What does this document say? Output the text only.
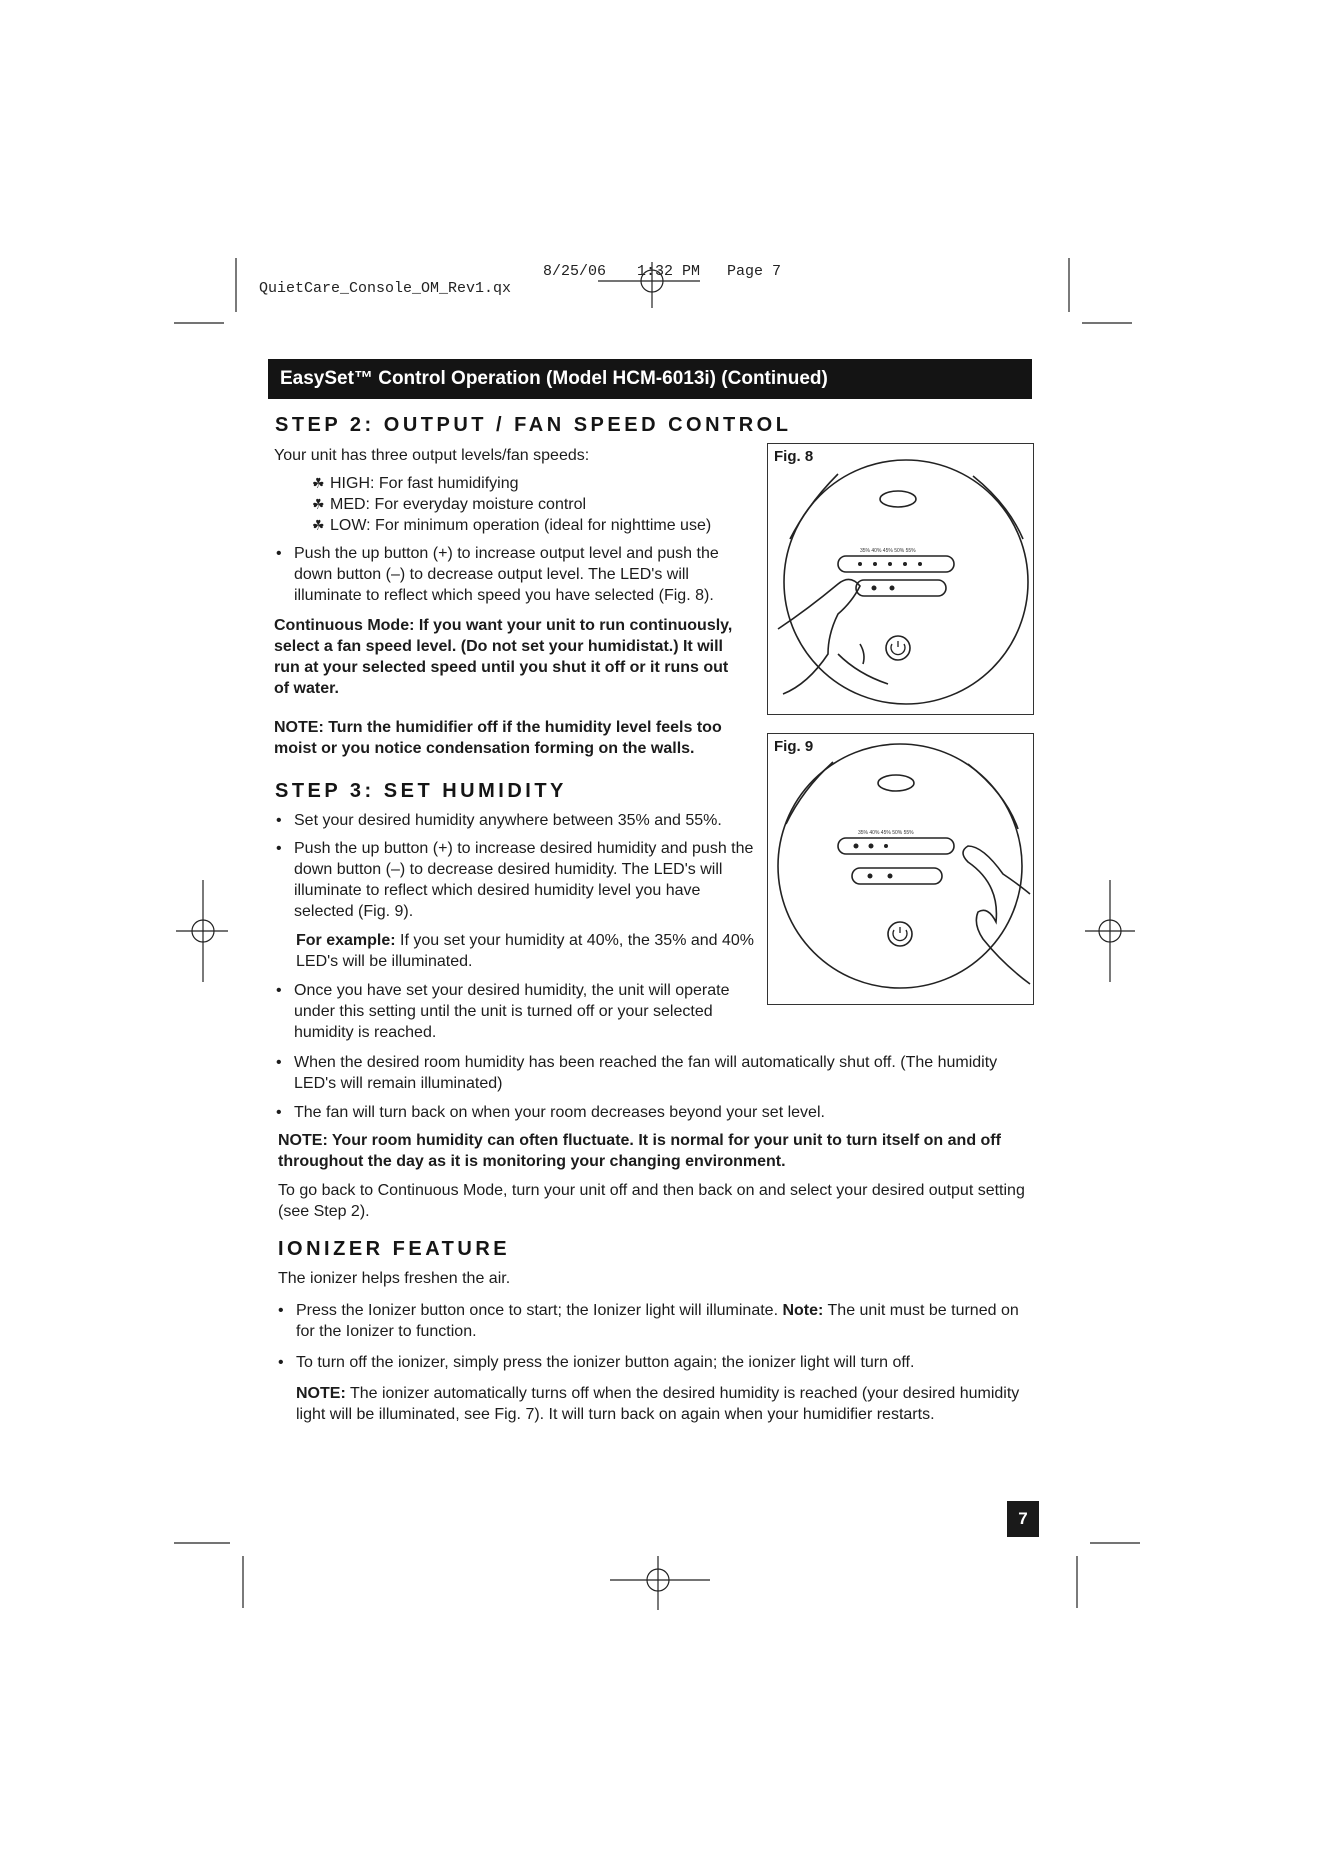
QuietCare_Console_OM_Rev1.qx

8/25/06 1:32 PM Page 7
EasySet™ Control Operation (Model HCM-6013i) (Continued)
STEP 2: OUTPUT / FAN SPEED CONTROL
Your unit has three output levels/fan speeds:
☘ HIGH: For fast humidifying
☘ MED: For everyday moisture control
☘ LOW: For minimum operation (ideal for nighttime use)
• Push the up button (+) to increase output level and push the
down button (–) to decrease output level. The LED's will
illuminate to reflect which speed you have selected (Fig. 8).
Continuous Mode: If you want your unit to run continuously,
select a fan speed level. (Do not set your humidistat.) It will
run at your selected speed until you shut it off or it runs out
of water.
NOTE: Turn the humidifier off if the humidity level feels too
moist or you notice condensation forming on the walls.
STEP 3: SET HUMIDITY
• Set your desired humidity anywhere between 35% and 55%.
• Push the up button (+) to increase desired humidity and push the
down button (–) to decrease desired humidity. The LED's will
illuminate to reflect which desired humidity level you have
selected (Fig. 9).
For example: If you set your humidity at 40%, the 35% and 40%
LED's will be illuminated.
• Once you have set your desired humidity, the unit will operate
under this setting until the unit is turned off or your selected
humidity is reached.
• When the desired room humidity has been reached the fan will automatically shut off. (The humidity
LED's will remain illuminated)
• The fan will turn back on when your room decreases beyond your set level.
NOTE: Your room humidity can often fluctuate. It is normal for your unit to turn itself on and off
throughout the day as it is monitoring your changing environment.
To go back to Continuous Mode, turn your unit off and then back on and select your desired output setting
(see Step 2).
IONIZER FEATURE
The ionizer helps freshen the air.
• Press the Ionizer button once to start; the Ionizer light will illuminate. Note: The unit must be turned on
for the Ionizer to function.
• To turn off the ionizer, simply press the ionizer button again; the ionizer light will turn off.
NOTE: The ionizer automatically turns off when the desired humidity is reached (your desired humidity
light will be illuminated, see Fig. 7). It will turn back on again when your humidifier restarts.
Fig. 8
35% 40% 45% 50% 55%
Fig. 9
35% 40% 45% 50% 55%
7
